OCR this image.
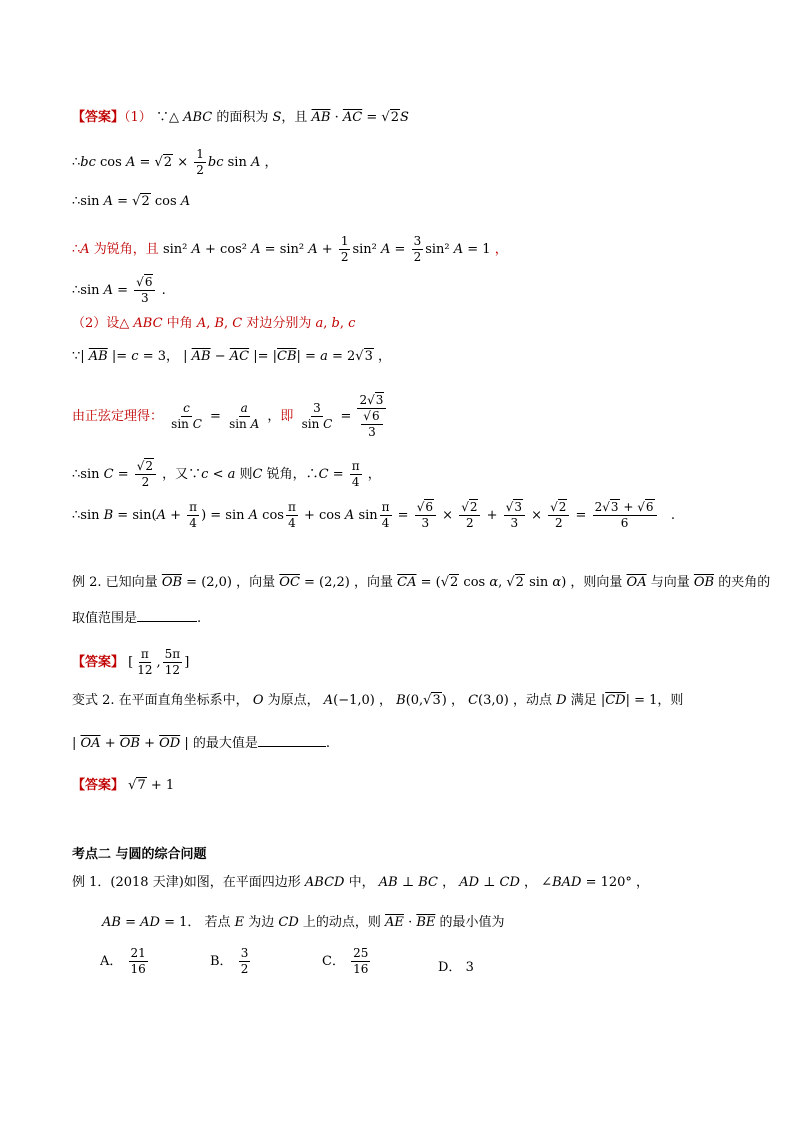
【答案】（1） ∵△ ABC 的面积为 S，且 $\overline{AB} \cdot \overline{AC} = √2S$
∴bc $\cos A = √2 \times \frac{1}{2}$ bc sin A ，
∴sin A = √2 cos A
∴A 为锐角，且 sin² A + cos² A = sin² $A + \frac{1}{2} \sin^2$ $A = \frac{3}{2} \sin^2$ A = 1 ，
∴sin $A = \frac{√6}{3}$ .
（2）设△ ABC 中角 A, B, C 对边分别为 a, b, c
∵| $\overline{AB}$ |= c = 3， | $\overline{AB} - \overline{AC}$ |= $|\overline{CB}| = a = 2√3$ ，
由正弦定理得： $\frac{c}{\text{sin C}} = \frac{a}{\text{sin A}}$ ，即 $\frac{3}{\text{sin C}} = \frac{2√3}{\frac{√6}{3}}$
∴sin $C = \frac{√2}{2}$ ，又∵c < a 则C 锐角，∴C = $\frac{\pi}{4}$ ，
∴sin $B = \sin(A + \frac{\pi}{4}$ ) = sin A $\cos \frac{\pi}{4} + \cos A$ $\sin \frac{\pi}{4} = \frac{√6}{3} \times \frac{√2}{2} + \frac{√3}{3} \times \frac{√2}{2} = \frac{2√3 + √6}{6}$ .
例 2. 已知向量 $\overline{OB} = (2,0)$ ，向量 $\overline{OC} = (2,2)$ ，向量 $\overline{CA} = (√2$ cos α, √2 sin α) ，则向量 $\overline{OA}$ 与向量 $\overline{OB}$ 的夹角的
取值范围是	.
【答案】 [ $\frac{\pi}{12}$ , $\frac{5\pi}{12}$ ]
变式 2. 在平面直角坐标系中， O 为原点， A(−1,0) ， B(0,√3) ， C(3,0) ，动点 D 满足 $|\overline{CD}| = 1$，则
| $\overline{OA} + \overline{OB} + \overline{OD}$ | 的最大值是	.
【答案】 √7 + 1
考点二 与圆的综合问题
例 1．(2018 天津)如图，在平面四边形 ABCD 中， AB ⊥ BC ， AD ⊥ CD ， ∠BAD = 120° ，
AB = AD = 1． 若点 E 为边 CD 上的动点，则 $\overline{AE} \cdot \overline{BE}$ 的最小值为
A． $\frac{21}{16}$	B． $\frac{3}{2}$	C． $\frac{25}{16}$	D． 3
